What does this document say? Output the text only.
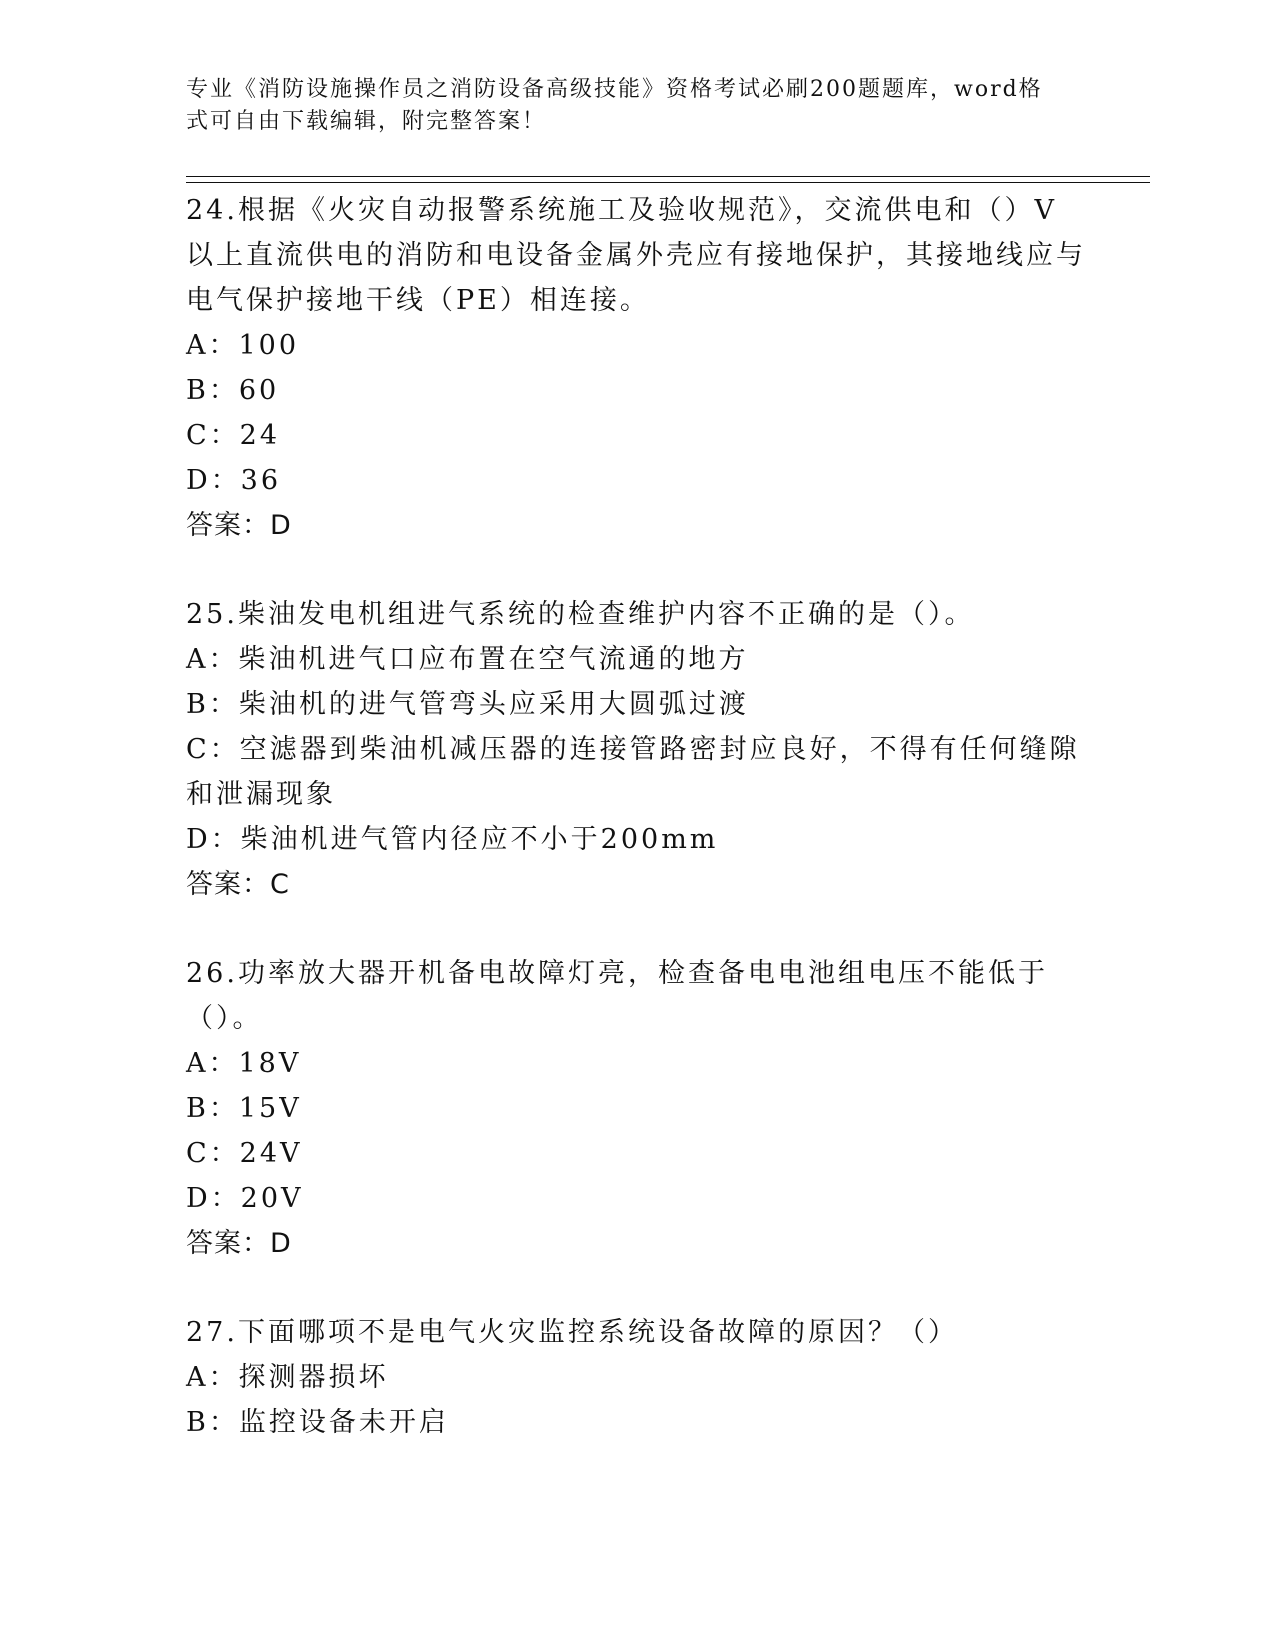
专业《消防设施操作员之消防设备高级技能》资格考试必刷200题题库，word格式可自由下载编辑，附完整答案！
24.根据《火灾自动报警系统施工及验收规范》，交流供电和（）V以上直流供电的消防和电设备金属外壳应有接地保护，其接地线应与电气保护接地干线（PE）相连接。
A：100
B：60
C：24
D：36
答案：D
25.柴油发电机组进气系统的检查维护内容不正确的是（）。
A：柴油机进气口应布置在空气流通的地方
B：柴油机的进气管弯头应采用大圆弧过渡
C：空滤器到柴油机减压器的连接管路密封应良好，不得有任何缝隙和泄漏现象
D：柴油机进气管内径应不小于200mm
答案：C
26.功率放大器开机备电故障灯亮，检查备电电池组电压不能低于（）。
A：18V
B：15V
C：24V
D：20V
答案：D
27.下面哪项不是电气火灾监控系统设备故障的原因？（）
A：探测器损坏
B：监控设备未开启
